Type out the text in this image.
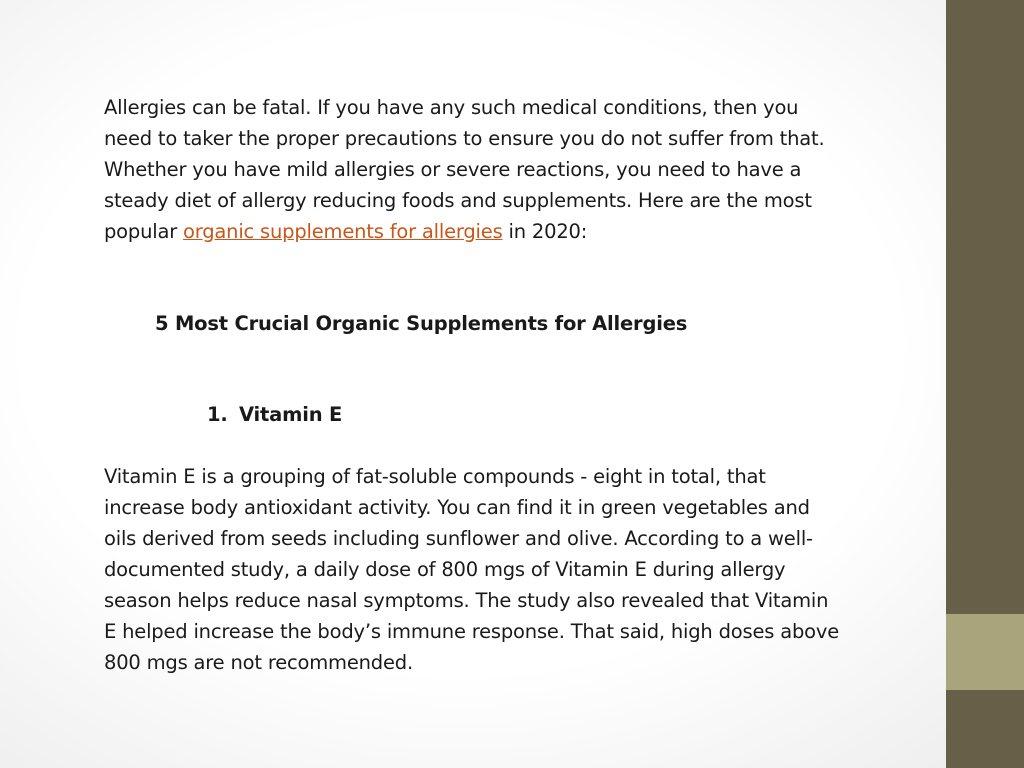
Allergies can be fatal. If you have any such medical conditions, then you need to taker the proper precautions to ensure you do not suffer from that. Whether you have mild allergies or severe reactions, you need to have a steady diet of allergy reducing foods and supplements. Here are the most popular organic supplements for allergies in 2020:

5 Most Crucial Organic Supplements for Allergies
1. Vitamin E

Vitamin E is a grouping of fat-soluble compounds - eight in total, that increase body antioxidant activity. You can find it in green vegetables and oils derived from seeds including sunflower and olive. According to a well-documented study, a daily dose of 800 mgs of Vitamin E during allergy season helps reduce nasal symptoms. The study also revealed that Vitamin E helped increase the body’s immune response. That said, high doses above 800 mgs are not recommended.
